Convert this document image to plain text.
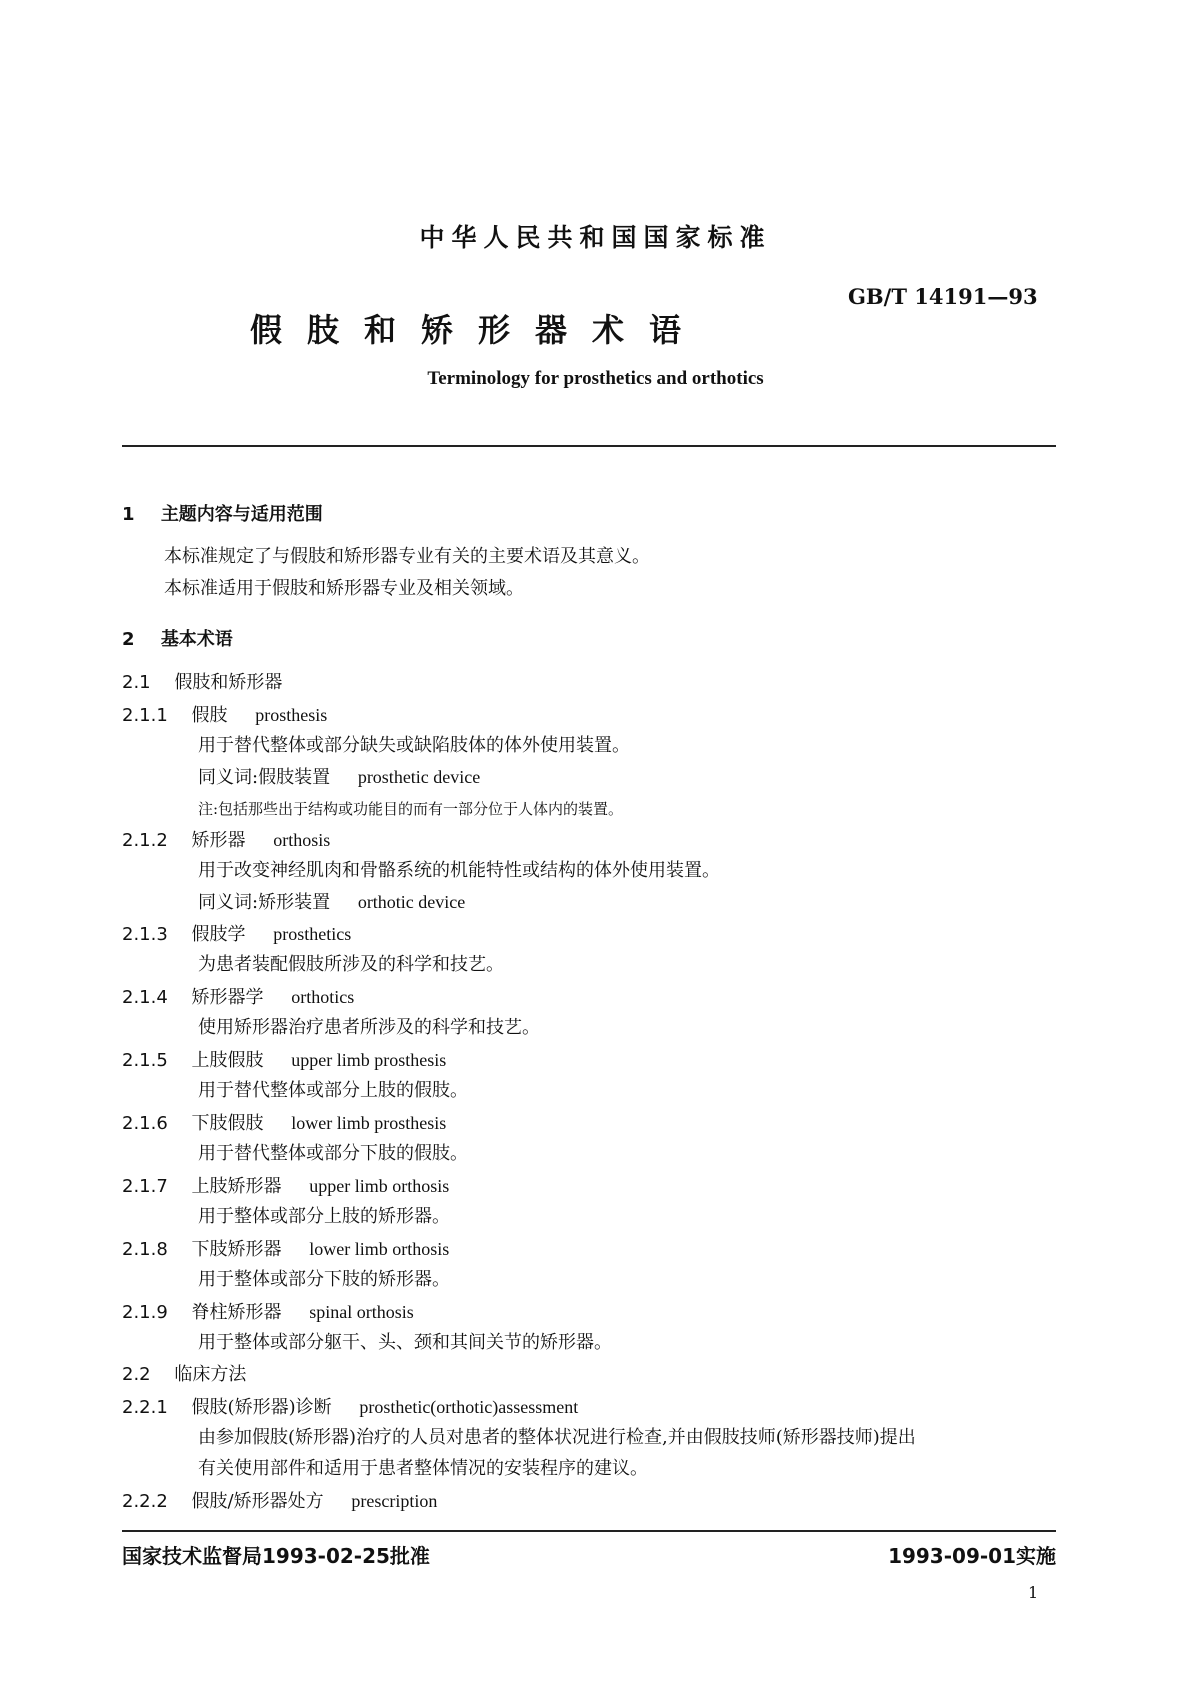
中华人民共和国国家标准
GB/T 14191—93
假肢和矫形器术语
Terminology for prosthetics and orthotics
1 主题内容与适用范围
本标准规定了与假肢和矫形器专业有关的主要术语及其意义。
本标准适用于假肢和矫形器专业及相关领域。
2 基本术语
2.1 假肢和矫形器
2.1.1 假肢 prosthesis
用于替代整体或部分缺失或缺陷肢体的体外使用装置。
同义词:假肢装置 prosthetic device
注:包括那些出于结构或功能目的而有一部分位于人体内的装置。
2.1.2 矫形器 orthosis
用于改变神经肌肉和骨骼系统的机能特性或结构的体外使用装置。
同义词:矫形装置 orthotic device
2.1.3 假肢学 prosthetics
为患者装配假肢所涉及的科学和技艺。
2.1.4 矫形器学 orthotics
使用矫形器治疗患者所涉及的科学和技艺。
2.1.5 上肢假肢 upper limb prosthesis
用于替代整体或部分上肢的假肢。
2.1.6 下肢假肢 lower limb prosthesis
用于替代整体或部分下肢的假肢。
2.1.7 上肢矫形器 upper limb orthosis
用于整体或部分上肢的矫形器。
2.1.8 下肢矫形器 lower limb orthosis
用于整体或部分下肢的矫形器。
2.1.9 脊柱矫形器 spinal orthosis
用于整体或部分躯干、头、颈和其间关节的矫形器。
2.2 临床方法
2.2.1 假肢(矫形器)诊断 prosthetic(orthotic)assessment
由参加假肢(矫形器)治疗的人员对患者的整体状况进行检查,并由假肢技师(矫形器技师)提出
有关使用部件和适用于患者整体情况的安装程序的建议。
2.2.2 假肢/矫形器处方 prescription
国家技术监督局1993-02-25批准	1993-09-01实施
1
